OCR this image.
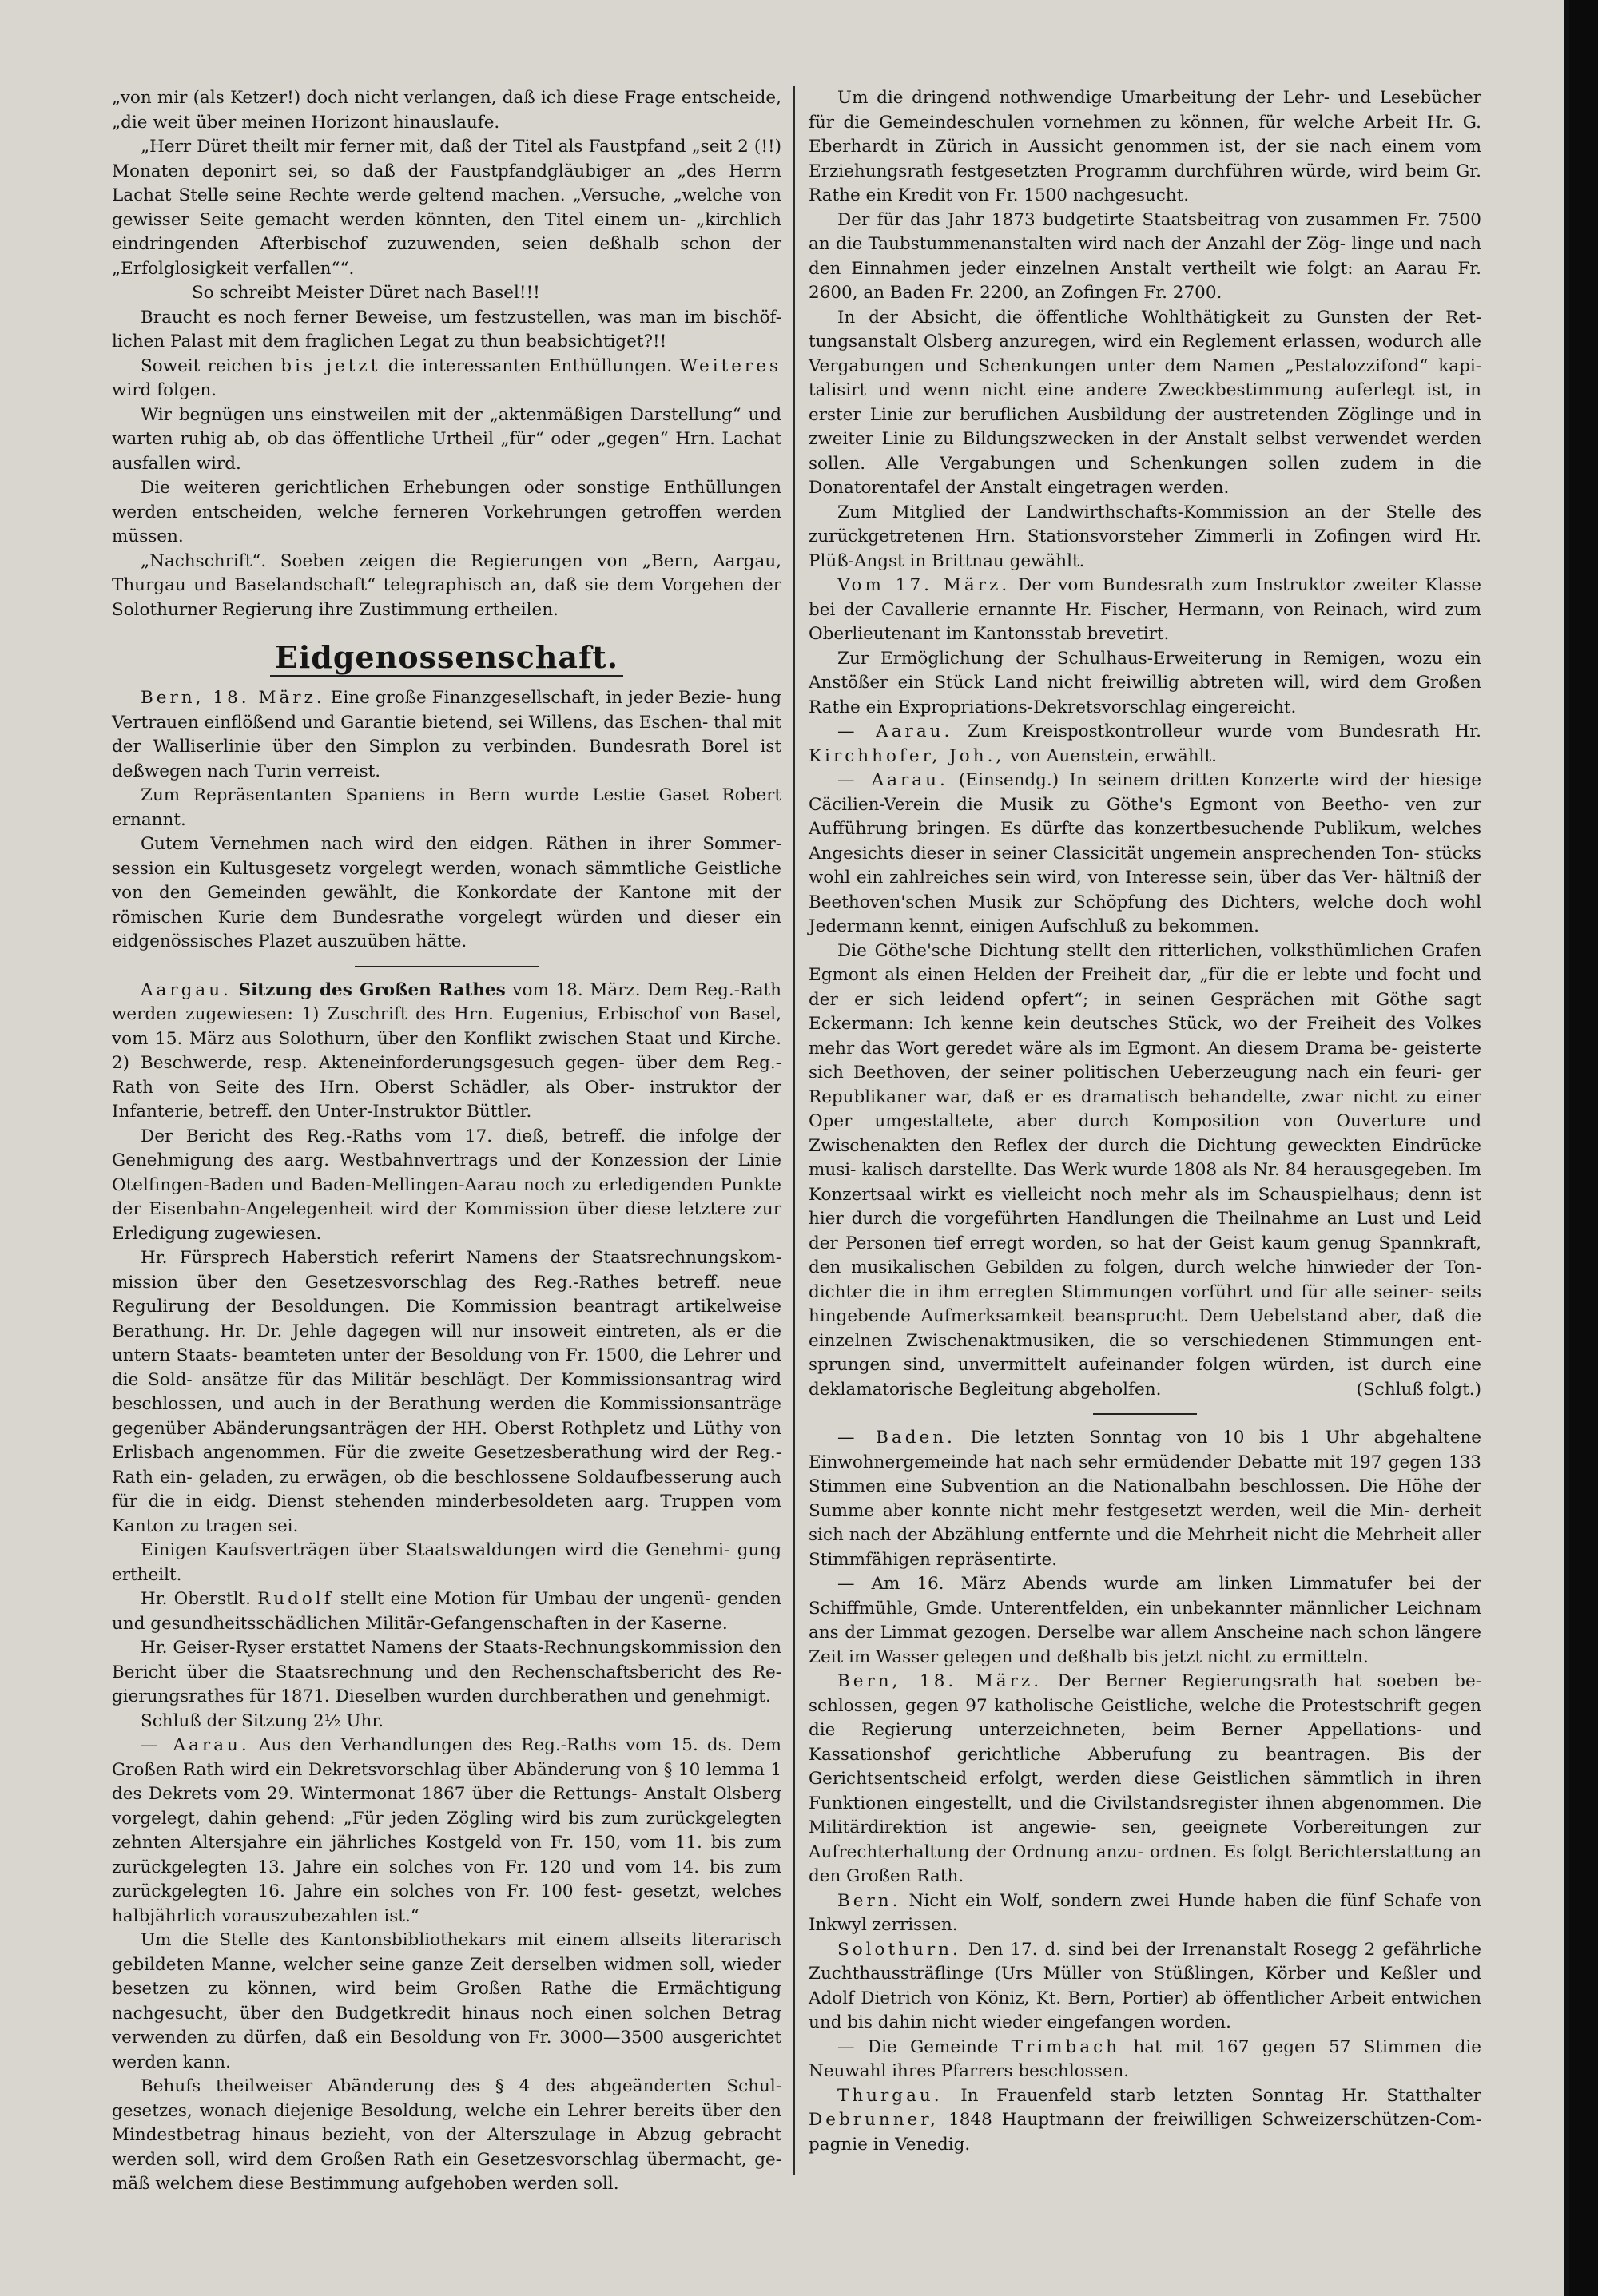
„von mir (als Ketzer!) doch nicht verlangen, daß ich diese Frage entscheide, „die weit über meinen Horizont hinauslaufe.

„Herr Düret theilt mir ferner mit, daß der Titel als Faustpfand „seit 2 (!!) Monaten deponirt sei, so daß der Faustpfandgläubiger an „des Herrn Lachat Stelle seine Rechte werde geltend machen. „Versuche, „welche von gewisser Seite gemacht werden könnten, den Titel einem un- „kirchlich eindringenden Afterbischof zuzuwenden, seien deßhalb schon der „Erfolglosigkeit verfallen““.

So schreibt Meister Düret nach Basel!!!

Braucht es noch ferner Beweise, um festzustellen, was man im bischöf- lichen Palast mit dem fraglichen Legat zu thun beabsichtiget?!!

Soweit reichen bis jetzt die interessanten Enthüllungen. Weiteres wird folgen.

Wir begnügen uns einstweilen mit der „aktenmäßigen Darstellung“ und warten ruhig ab, ob das öffentliche Urtheil „für“ oder „gegen“ Hrn. Lachat ausfallen wird.

Die weiteren gerichtlichen Erhebungen oder sonstige Enthüllungen werden entscheiden, welche ferneren Vorkehrungen getroffen werden müssen.

„Nachschrift“. Soeben zeigen die Regierungen von „Bern, Aargau, Thurgau und Baselandschaft“ telegraphisch an, daß sie dem Vorgehen der Solothurner Regierung ihre Zustimmung ertheilen.

Eidgenossenschaft.

Bern, 18. März. Eine große Finanzgesellschaft, in jeder Bezie- hung Vertrauen einflößend und Garantie bietend, sei Willens, das Eschen- thal mit der Walliserlinie über den Simplon zu verbinden. Bundesrath Borel ist deßwegen nach Turin verreist.

Zum Repräsentanten Spaniens in Bern wurde Lestie Gaset Robert ernannt.

Gutem Vernehmen nach wird den eidgen. Räthen in ihrer Sommer- session ein Kultusgesetz vorgelegt werden, wonach sämmtliche Geistliche von den Gemeinden gewählt, die Konkordate der Kantone mit der römischen Kurie dem Bundesrathe vorgelegt würden und dieser ein eidgenössisches Plazet auszuüben hätte.

Aargau. Sitzung des Großen Rathes vom 18. März. Dem Reg.-Rath werden zugewiesen: 1) Zuschrift des Hrn. Eugenius, Erbischof von Basel, vom 15. März aus Solothurn, über den Konflikt zwischen Staat und Kirche. 2) Beschwerde, resp. Akteneinforderungsgesuch gegen- über dem Reg.-Rath von Seite des Hrn. Oberst Schädler, als Ober- instruktor der Infanterie, betreff. den Unter-Instruktor Büttler.

Der Bericht des Reg.-Raths vom 17. dieß, betreff. die infolge der Genehmigung des aarg. Westbahnvertrags und der Konzession der Linie Otelfingen-Baden und Baden-Mellingen-Aarau noch zu erledigenden Punkte der Eisenbahn-Angelegenheit wird der Kommission über diese letztere zur Erledigung zugewiesen.

Hr. Fürsprech Haberstich referirt Namens der Staatsrechnungskom- mission über den Gesetzesvorschlag des Reg.-Rathes betreff. neue Regulirung der Besoldungen. Die Kommission beantragt artikelweise Berathung. Hr. Dr. Jehle dagegen will nur insoweit eintreten, als er die untern Staats- beamteten unter der Besoldung von Fr. 1500, die Lehrer und die Sold- ansätze für das Militär beschlägt. Der Kommissionsantrag wird beschlossen, und auch in der Berathung werden die Kommissionsanträge gegenüber Abänderungsanträgen der HH. Oberst Rothpletz und Lüthy von Erlisbach angenommen. Für die zweite Gesetzesberathung wird der Reg.-Rath ein- geladen, zu erwägen, ob die beschlossene Soldaufbesserung auch für die in eidg. Dienst stehenden minderbesoldeten aarg. Truppen vom Kanton zu tragen sei.

Einigen Kaufsverträgen über Staatswaldungen wird die Genehmi- gung ertheilt.

Hr. Oberstlt. Rudolf stellt eine Motion für Umbau der ungenü- genden und gesundheitsschädlichen Militär-Gefangenschaften in der Kaserne.

Hr. Geiser-Ryser erstattet Namens der Staats-Rechnungskommission den Bericht über die Staatsrechnung und den Rechenschaftsbericht des Re- gierungsrathes für 1871. Dieselben wurden durchberathen und genehmigt.

Schluß der Sitzung 2½ Uhr.

— Aarau. Aus den Verhandlungen des Reg.-Raths vom 15. ds. Dem Großen Rath wird ein Dekretsvorschlag über Abänderung von § 10 lemma 1 des Dekrets vom 29. Wintermonat 1867 über die Rettungs- Anstalt Olsberg vorgelegt, dahin gehend: „Für jeden Zögling wird bis zum zurückgelegten zehnten Altersjahre ein jährliches Kostgeld von Fr. 150, vom 11. bis zum zurückgelegten 13. Jahre ein solches von Fr. 120 und vom 14. bis zum zurückgelegten 16. Jahre ein solches von Fr. 100 fest- gesetzt, welches halbjährlich vorauszubezahlen ist.“

Um die Stelle des Kantonsbibliothekars mit einem allseits literarisch gebildeten Manne, welcher seine ganze Zeit derselben widmen soll, wieder besetzen zu können, wird beim Großen Rathe die Ermächtigung nachgesucht, über den Budgetkredit hinaus noch einen solchen Betrag verwenden zu dürfen, daß ein Besoldung von Fr. 3000—3500 ausgerichtet werden kann.

Behufs theilweiser Abänderung des § 4 des abgeänderten Schul- gesetzes, wonach diejenige Besoldung, welche ein Lehrer bereits über den Mindestbetrag hinaus bezieht, von der Alterszulage in Abzug gebracht werden soll, wird dem Großen Rath ein Gesetzesvorschlag übermacht, ge- mäß welchem diese Bestimmung aufgehoben werden soll.

Um die dringend nothwendige Umarbeitung der Lehr- und Lesebücher für die Gemeindeschulen vornehmen zu können, für welche Arbeit Hr. G. Eberhardt in Zürich in Aussicht genommen ist, der sie nach einem vom Erziehungsrath festgesetzten Programm durchführen würde, wird beim Gr. Rathe ein Kredit von Fr. 1500 nachgesucht.

Der für das Jahr 1873 budgetirte Staatsbeitrag von zusammen Fr. 7500 an die Taubstummenanstalten wird nach der Anzahl der Zög- linge und nach den Einnahmen jeder einzelnen Anstalt vertheilt wie folgt: an Aarau Fr. 2600, an Baden Fr. 2200, an Zofingen Fr. 2700.

In der Absicht, die öffentliche Wohlthätigkeit zu Gunsten der Ret- tungsanstalt Olsberg anzuregen, wird ein Reglement erlassen, wodurch alle Vergabungen und Schenkungen unter dem Namen „Pestalozzifond“ kapi- talisirt und wenn nicht eine andere Zweckbestimmung auferlegt ist, in erster Linie zur beruflichen Ausbildung der austretenden Zöglinge und in zweiter Linie zu Bildungszwecken in der Anstalt selbst verwendet werden sollen. Alle Vergabungen und Schenkungen sollen zudem in die Donatorentafel der Anstalt eingetragen werden.

Zum Mitglied der Landwirthschafts-Kommission an der Stelle des zurückgetretenen Hrn. Stationsvorsteher Zimmerli in Zofingen wird Hr. Plüß-Angst in Brittnau gewählt.

Vom 17. März. Der vom Bundesrath zum Instruktor zweiter Klasse bei der Cavallerie ernannte Hr. Fischer, Hermann, von Reinach, wird zum Oberlieutenant im Kantonsstab brevetirt.

Zur Ermöglichung der Schulhaus-Erweiterung in Remigen, wozu ein Anstößer ein Stück Land nicht freiwillig abtreten will, wird dem Großen Rathe ein Expropriations-Dekretsvorschlag eingereicht.

— Aarau. Zum Kreispostkontrolleur wurde vom Bundesrath Hr. Kirchhofer, Joh., von Auenstein, erwählt.

— Aarau. (Einsendg.) In seinem dritten Konzerte wird der hiesige Cäcilien-Verein die Musik zu Göthe's Egmont von Beetho- ven zur Aufführung bringen. Es dürfte das konzertbesuchende Publikum, welches Angesichts dieser in seiner Classicität ungemein ansprechenden Ton- stücks wohl ein zahlreiches sein wird, von Interesse sein, über das Ver- hältniß der Beethoven'schen Musik zur Schöpfung des Dichters, welche doch wohl Jedermann kennt, einigen Aufschluß zu bekommen.

Die Göthe'sche Dichtung stellt den ritterlichen, volksthümlichen Grafen Egmont als einen Helden der Freiheit dar, „für die er lebte und focht und der er sich leidend opfert“; in seinen Gesprächen mit Göthe sagt Eckermann: Ich kenne kein deutsches Stück, wo der Freiheit des Volkes mehr das Wort geredet wäre als im Egmont. An diesem Drama be- geisterte sich Beethoven, der seiner politischen Ueberzeugung nach ein feuri- ger Republikaner war, daß er es dramatisch behandelte, zwar nicht zu einer Oper umgestaltete, aber durch Komposition von Ouverture und Zwischenakten den Reflex der durch die Dichtung geweckten Eindrücke musi- kalisch darstellte. Das Werk wurde 1808 als Nr. 84 herausgegeben. Im Konzertsaal wirkt es vielleicht noch mehr als im Schauspielhaus; denn ist hier durch die vorgeführten Handlungen die Theilnahme an Lust und Leid der Personen tief erregt worden, so hat der Geist kaum genug Spannkraft, den musikalischen Gebilden zu folgen, durch welche hinwieder der Ton- dichter die in ihm erregten Stimmungen vorführt und für alle seiner- seits hingebende Aufmerksamkeit beansprucht. Dem Uebelstand aber, daß die einzelnen Zwischenaktmusiken, die so verschiedenen Stimmungen ent- sprungen sind, unvermittelt aufeinander folgen würden, ist durch eine deklamatorische Begleitung abgeholfen.	(Schluß folgt.)

— Baden. Die letzten Sonntag von 10 bis 1 Uhr abgehaltene Einwohnergemeinde hat nach sehr ermüdender Debatte mit 197 gegen 133 Stimmen eine Subvention an die Nationalbahn beschlossen. Die Höhe der Summe aber konnte nicht mehr festgesetzt werden, weil die Min- derheit sich nach der Abzählung entfernte und die Mehrheit nicht die Mehrheit aller Stimmfähigen repräsentirte.

— Am 16. März Abends wurde am linken Limmatufer bei der Schiffmühle, Gmde. Unterentfelden, ein unbekannter männlicher Leichnam ans der Limmat gezogen. Derselbe war allem Anscheine nach schon längere Zeit im Wasser gelegen und deßhalb bis jetzt nicht zu ermitteln.

Bern, 18. März. Der Berner Regierungsrath hat soeben be- schlossen, gegen 97 katholische Geistliche, welche die Protestschrift gegen die Regierung unterzeichneten, beim Berner Appellations- und Kassationshof gerichtliche Abberufung zu beantragen. Bis der Gerichtsentscheid erfolgt, werden diese Geistlichen sämmtlich in ihren Funktionen eingestellt, und die Civilstandsregister ihnen abgenommen. Die Militärdirektion ist angewie- sen, geeignete Vorbereitungen zur Aufrechterhaltung der Ordnung anzu- ordnen. Es folgt Berichterstattung an den Großen Rath.

Bern. Nicht ein Wolf, sondern zwei Hunde haben die fünf Schafe von Inkwyl zerrissen.

Solothurn. Den 17. d. sind bei der Irrenanstalt Rosegg 2 gefährliche Zuchthaussträflinge (Urs Müller von Stüßlingen, Körber und Keßler und Adolf Dietrich von Köniz, Kt. Bern, Portier) ab öffentlicher Arbeit entwichen und bis dahin nicht wieder eingefangen worden.

— Die Gemeinde Trimbach hat mit 167 gegen 57 Stimmen die Neuwahl ihres Pfarrers beschlossen.

Thurgau. In Frauenfeld starb letzten Sonntag Hr. Statthalter Debrunner, 1848 Hauptmann der freiwilligen Schweizerschützen-Com- pagnie in Venedig.
